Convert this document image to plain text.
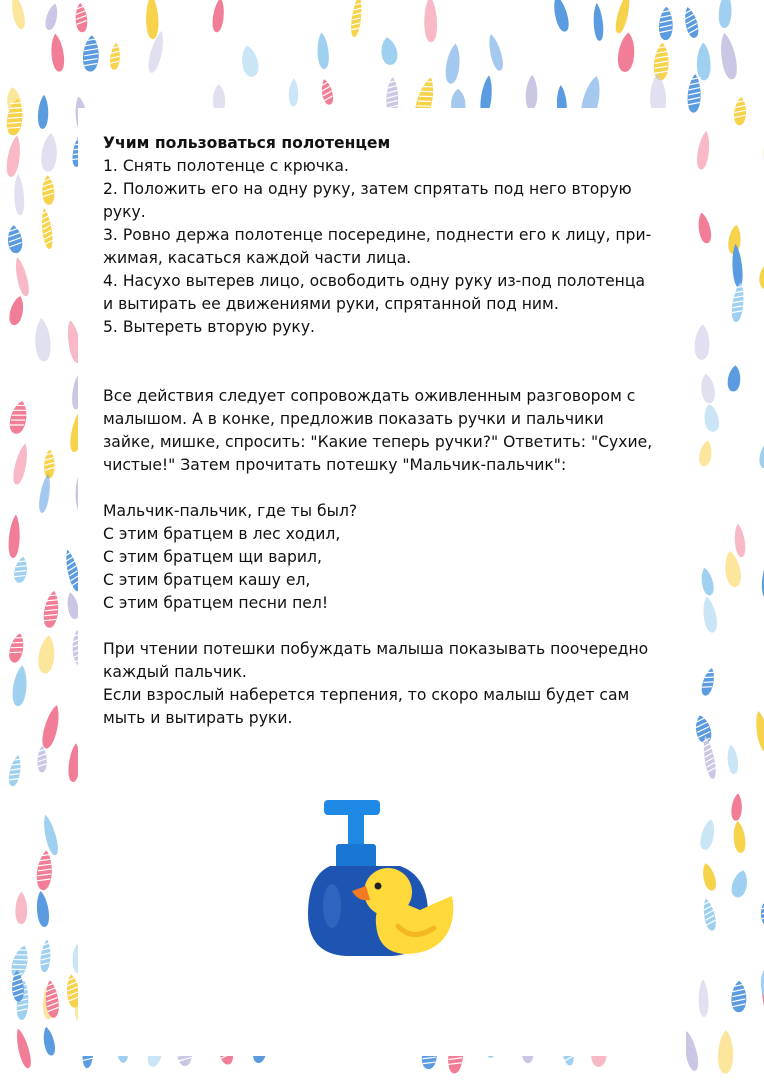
Учим пользоваться полотенцем
1. Снять полотенце с крючка.
2. Положить его на одну руку, затем спрятать под него вторую
руку.
3. Ровно держа полотенце посередине, поднести его к лицу, при-
жимая, касаться каждой части лица.
4. Насухо вытерев лицо, освободить одну руку из-под полотенца
и вытирать ее движениями руки, спрятанной под ним.
5. Вытереть вторую руку.
Все действия следует сопровождать оживленным разговором с
малышом. А в конке, предложив показать ручки и пальчики
зайке, мишке, спросить: "Какие теперь ручки?" Ответить: "Сухие,
чистые!" Затем прочитать потешку "Мальчик-пальчик":
Мальчик-пальчик, где ты был?
С этим братцем в лес ходил,
С этим братцем щи варил,
С этим братцем кашу ел,
С этим братцем песни пел!
При чтении потешки побуждать малыша показывать поочередно
каждый пальчик.
Если взрослый наберется терпения, то скоро малыш будет сам
мыть и вытирать руки.
